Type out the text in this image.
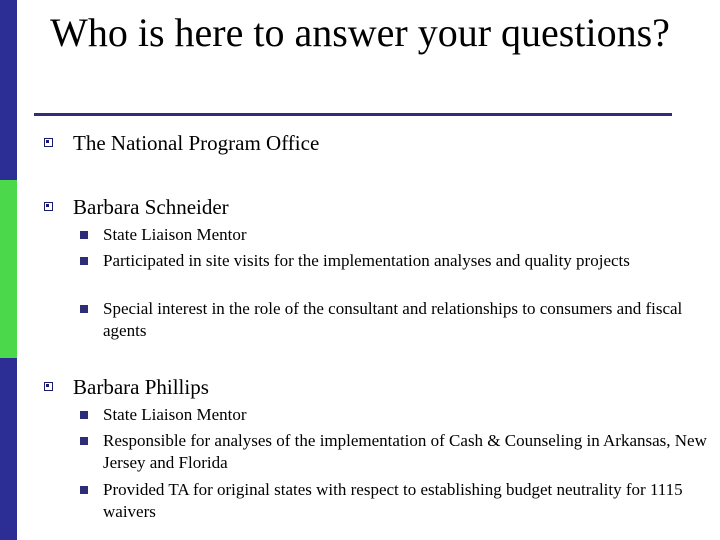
Who is here to answer your questions?
The National Program Office
Barbara Schneider
State Liaison Mentor
Participated in site visits for the implementation analyses and quality projects
Special interest in the role of the consultant and relationships to consumers and fiscal agents
Barbara Phillips
State Liaison Mentor
Responsible for analyses of the implementation of Cash & Counseling in Arkansas, New Jersey and Florida
Provided TA for original states with respect to establishing budget neutrality for 1115 waivers
